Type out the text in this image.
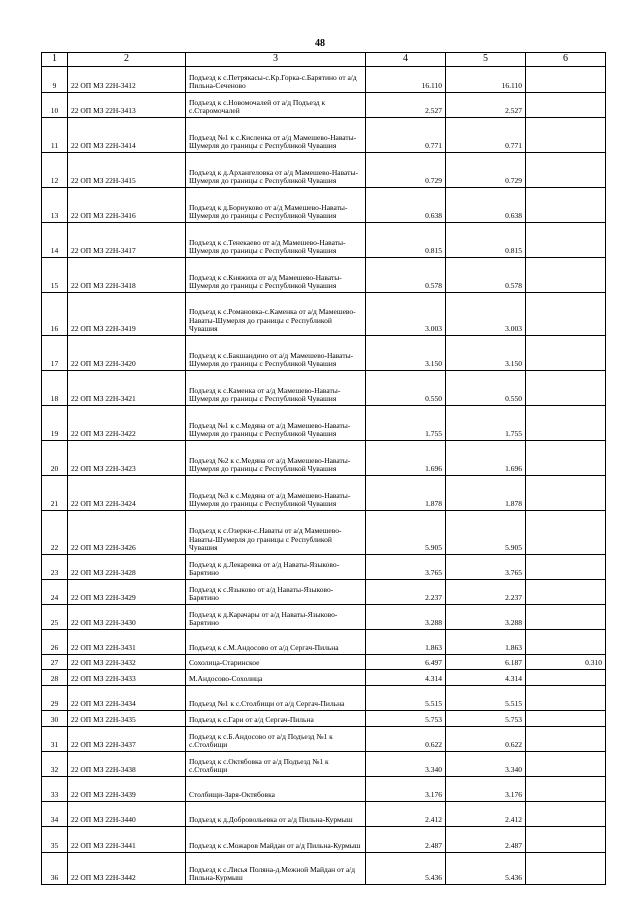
48
1	2	3	4	5	6
9	22 ОП МЗ 22Н-3412	Подъезд к с.Петрякасы-с.Кр.Горка-с.Барятино от а/д Пильна-Сеченово	16.110	16.110	
10	22 ОП МЗ 22Н-3413	Подъезд к с.Новомочалей от а/д Подъезд к с.Старомочалей	2.527	2.527	
11	22 ОП МЗ 22Н-3414	Подъезд №1 к с.Кисленка от а/д Мамешево-Наваты-Шумерля до границы с Республикой Чувашия	0.771	0.771	
12	22 ОП МЗ 22Н-3415	Подъезд к д.Архангеловка от а/д Мамешево-Наваты-Шумерля до границы с Республикой Чувашия	0.729	0.729	
13	22 ОП МЗ 22Н-3416	Подъезд к д.Борнуково от а/д Мамешево-Наваты-Шумерля до границы с Республикой Чувашия	0.638	0.638	
14	22 ОП МЗ 22Н-3417	Подъезд к с.Тенекаево от а/д Мамешево-Наваты-Шумерля до границы с Республикой Чувашия	0.815	0.815	
15	22 ОП МЗ 22Н-3418	Подъезд к с.Княжиха от а/д Мамешево-Наваты-Шумерля до границы с Республикой Чувашия	0.578	0.578	
16	22 ОП МЗ 22Н-3419	Подъезд к с.Романовка-с.Каменка от а/д Мамешево-Наваты-Шумерля до границы с Республикой Чувашия	3.003	3.003	
17	22 ОП МЗ 22Н-3420	Подъезд к с.Бакшандино от а/д Мамешево-Наваты-Шумерля до границы с Республикой Чувашия	3.150	3.150	
18	22 ОП МЗ 22Н-3421	Подъезд к с.Каменка от а/д Мамешево-Наваты-Шумерля до границы с Республикой Чувашия	0.550	0.550	
19	22 ОП МЗ 22Н-3422	Подъезд №1 к с.Медяна от а/д Мамешево-Наваты-Шумерля до границы с Республикой Чувашия	1.755	1.755	
20	22 ОП МЗ 22Н-3423	Подъезд №2 к с.Медяна от а/д Мамешево-Наваты-Шумерля до границы с Республикой Чувашия	1.696	1.696	
21	22 ОП МЗ 22Н-3424	Подъезд №3 к с.Медяна от а/д Мамешево-Наваты-Шумерля до границы с Республикой Чувашия	1.878	1.878	
22	22 ОП МЗ 22Н-3426	Подъезд к с.Озерки-с.Наваты от а/д Мамешево-Наваты-Шумерля до границы с Республикой Чувашия	5.905	5.905	
23	22 ОП МЗ 22Н-3428	Подъезд к д.Лекаревка от а/д Наваты-Языково-Барятино	3.765	3.765	
24	22 ОП МЗ 22Н-3429	Подъезд к с.Языково от а/д Наваты-Языково-Барятино	2.237	2.237	
25	22 ОП МЗ 22Н-3430	Подъезд к д.Карачары от а/д Наваты-Языково-Барятино	3.288	3.288	
26	22 ОП МЗ 22Н-3431	Подъезд к с.М.Андосово от а/д Сергач-Пильна	1.863	1.863	
27	22 ОП МЗ 22Н-3432	Сохолица-Старинское	6.497	6.187	0.310
28	22 ОП МЗ 22Н-3433	М.Андосово-Сохолица	4.314	4.314	
29	22 ОП МЗ 22Н-3434	Подъезд №1 к с.Столбищи от а/д Сергач-Пильна	5.515	5.515	
30	22 ОП МЗ 22Н-3435	Подъезд к с.Гари от а/д Сергач-Пильна	5.753	5.753	
31	22 ОП МЗ 22Н-3437	Подъезд к с.Б.Андосово от а/д Подъезд №1 к с.Столбищи	0.622	0.622	
32	22 ОП МЗ 22Н-3438	Подъезд к с.Октябовка от а/д Подъезд №1 к с.Столбищи	3.340	3.340	
33	22 ОП МЗ 22Н-3439	Столбищи-Заря-Октябовка	3.176	3.176	
34	22 ОП МЗ 22Н-3440	Подъезд к д.Добровольевка от а/д Пильна-Курмыш	2.412	2.412	
35	22 ОП МЗ 22Н-3441	Подъезд к с.Можаров Майдан от а/д Пильна-Курмыш	2.487	2.487	
36	22 ОП МЗ 22Н-3442	Подъезд к с.Лисья Поляна-д.Межной Майдан от а/д Пильна-Курмыш	5.436	5.436	
